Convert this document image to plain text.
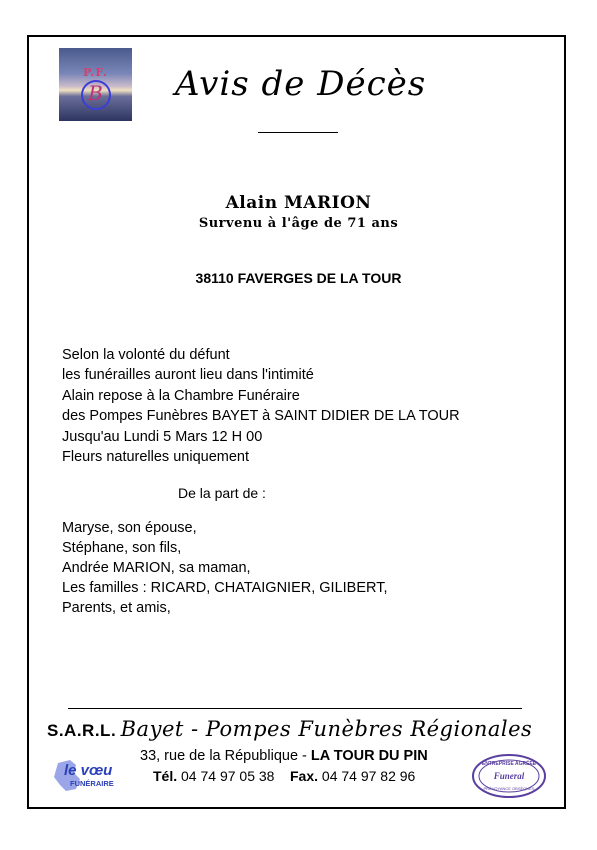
P.F.
B	Avis de Décès
Alain MARION
Survenu à l'âge de 71 ans
38110 FAVERGES DE LA TOUR
Selon la volonté du défunt
les funérailles auront lieu dans l'intimité
Alain repose à la Chambre Funéraire
des Pompes Funèbres BAYET à SAINT DIDIER DE LA TOUR
Jusqu'au Lundi 5 Mars 12 H 00
Fleurs naturelles uniquement
De la part de :
Maryse, son épouse,
Stéphane, son fils,
Andrée MARION, sa maman,
Les familles : RICARD, CHATAIGNIER, GILIBERT,
Parents, et amis,
S.A.R.L. Bayet - Pompes Funèbres Régionales
33, rue de la République - LA TOUR DU PIN
Tél. 04 74 97 05 38 Fax. 04 74 97 82 96
le vœu
FUNÉRAIRE
ENTREPRISE AGRÉÉE
Funeral
PRÉVOYANCE OBSÈQUES
